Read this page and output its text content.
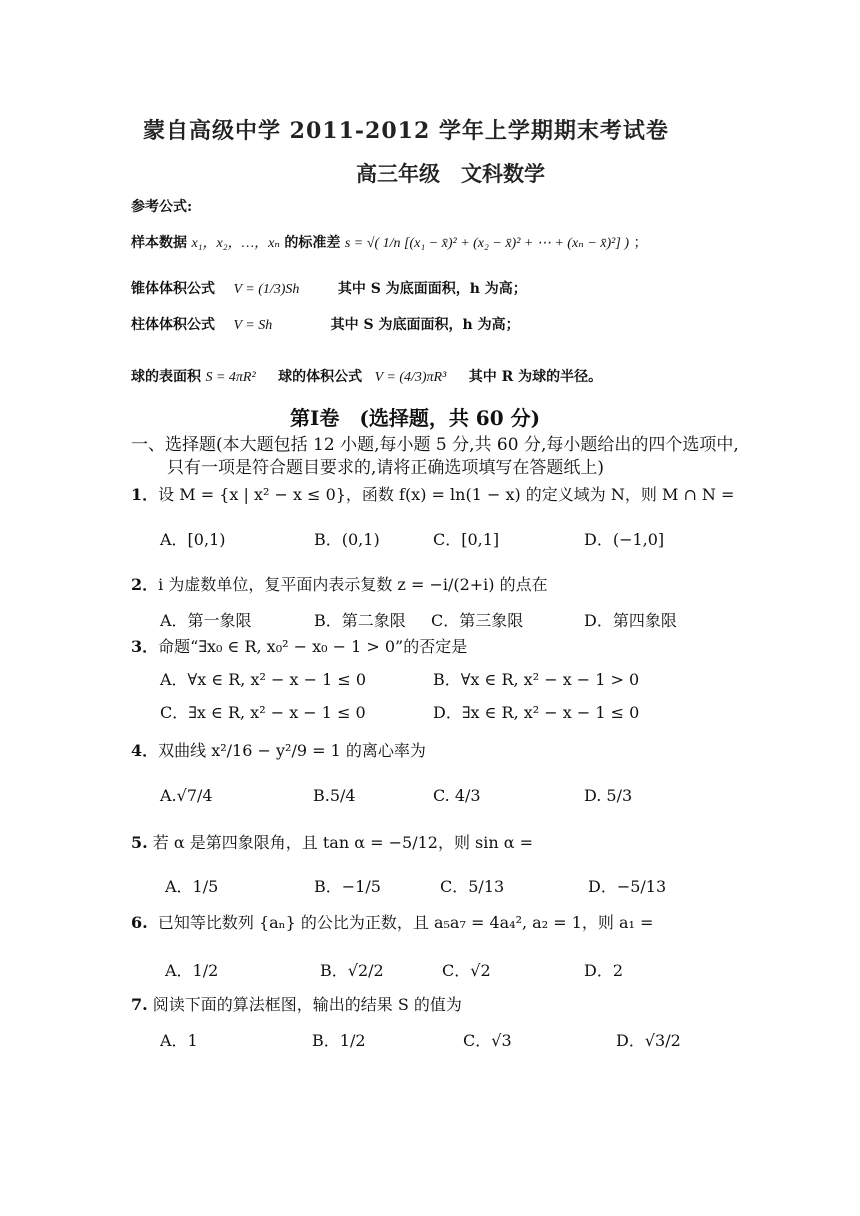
蒙自高级中学 2011-2012 学年上学期期末考试卷
高三年级　文科数学
参考公式:
样本数据 x₁，x₂，…，xₙ 的标准差 s = √( 1/n [(x₁ − x̄)² + (x₂ − x̄)² + ⋯ + (xₙ − x̄)²] ) ；
锥体体积公式 V = (1/3)Sh	其中 S 为底面面积，h 为高；
柱体体积公式 V = Sh	其中 S 为底面面积，h 为高；
球的表面积 S = 4πR² 球的体积公式 V = (4/3)πR³ 其中 R 为球的半径。
第Ⅰ卷　(选择题，共 60 分)
一、选择题(本大题包括 12 小题,每小题 5 分,共 60 分,每小题给出的四个选项中,
只有一项是符合题目要求的,请将正确选项填写在答题纸上)
1．设 M = {x | x² − x ≤ 0}，函数 f(x) = ln(1 − x) 的定义域为 N，则 M ∩ N =
A．[0,1)	B．(0,1)	C．[0,1]	D．(−1,0]
2．i 为虚数单位，复平面内表示复数 z = −i/(2+i) 的点在
A．第一象限	B．第二象限 C．第三象限	D．第四象限
3．命题“∃x₀ ∈ R, x₀² − x₀ − 1 > 0”的否定是
A．∀x ∈ R, x² − x − 1 ≤ 0	B．∀x ∈ R, x² − x − 1 > 0
C．∃x ∈ R, x² − x − 1 ≤ 0	D．∃x ∈ R, x² − x − 1 ≤ 0
4．双曲线 x²/16 − y²/9 = 1 的离心率为
A.√7/4	B.5/4	C. 4/3	D. 5/3
5. 若 α 是第四象限角，且 tan α = −5/12，则 sin α =
A．1/5	B．−1/5	C．5/13	D．−5/13
6. 已知等比数列 {aₙ} 的公比为正数，且 a₅a₇ = 4a₄², a₂ = 1，则 a₁ =
A．1/2	B．√2/2	C．√2	D．2
7. 阅读下面的算法框图，输出的结果 S 的值为
A．1	B．1/2	C．√3	D．√3/2
